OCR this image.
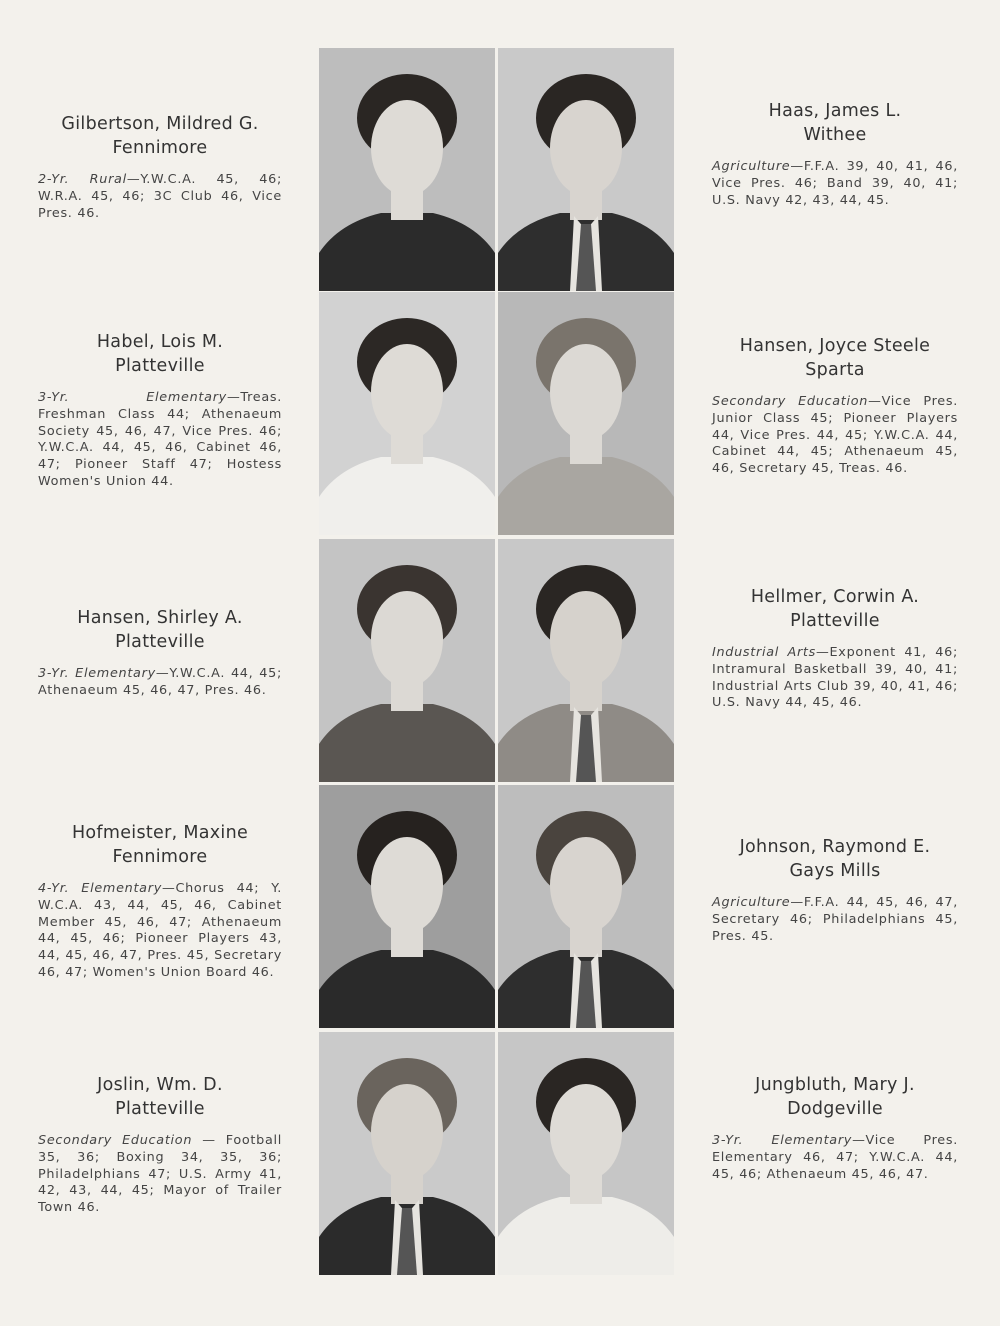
Gilbertson, Mildred G.
Fennimore
2-Yr. Rural—Y.W.C.A. 45, 46; W.R.A. 45, 46; 3C Club 46, Vice Pres. 46.
Habel, Lois M.
Platteville
3-Yr. Elementary—Treas. Freshman Class 44; Athenaeum Society 45, 46, 47, Vice Pres. 46; Y.W.C.A. 44, 45, 46, Cabinet 46, 47; Pioneer Staff 47; Hostess Women's Union 44.
Hansen, Shirley A.
Platteville
3-Yr. Elementary—Y.W.C.A. 44, 45; Athenaeum 45, 46, 47, Pres. 46.
Hofmeister, Maxine
Fennimore
4-Yr. Elementary—Chorus 44; Y. W.C.A. 43, 44, 45, 46, Cabinet Member 45, 46, 47; Athenaeum 44, 45, 46; Pioneer Players 43, 44, 45, 46, 47, Pres. 45, Secretary 46, 47; Women's Union Board 46.
Joslin, Wm. D.
Platteville
Secondary Education — Football 35, 36; Boxing 34, 35, 36; Philadelphians 47; U.S. Army 41, 42, 43, 44, 45; Mayor of Trailer Town 46.
Haas, James L.
Withee
Agriculture—F.F.A. 39, 40, 41, 46, Vice Pres. 46; Band 39, 40, 41; U.S. Navy 42, 43, 44, 45.
Hansen, Joyce Steele
Sparta
Secondary Education—Vice Pres. Junior Class 45; Pioneer Players 44, Vice Pres. 44, 45; Y.W.C.A. 44, Cabinet 44, 45; Athenaeum 45, 46, Secretary 45, Treas. 46.
Hellmer, Corwin A.
Platteville
Industrial Arts—Exponent 41, 46; Intramural Basketball 39, 40, 41; Industrial Arts Club 39, 40, 41, 46; U.S. Navy 44, 45, 46.
Johnson, Raymond E.
Gays Mills
Agriculture—F.F.A. 44, 45, 46, 47, Secretary 46; Philadelphians 45, Pres. 45.
Jungbluth, Mary J.
Dodgeville
3-Yr. Elementary—Vice Pres. Elementary 46, 47; Y.W.C.A. 44, 45, 46; Athenaeum 45, 46, 47.
